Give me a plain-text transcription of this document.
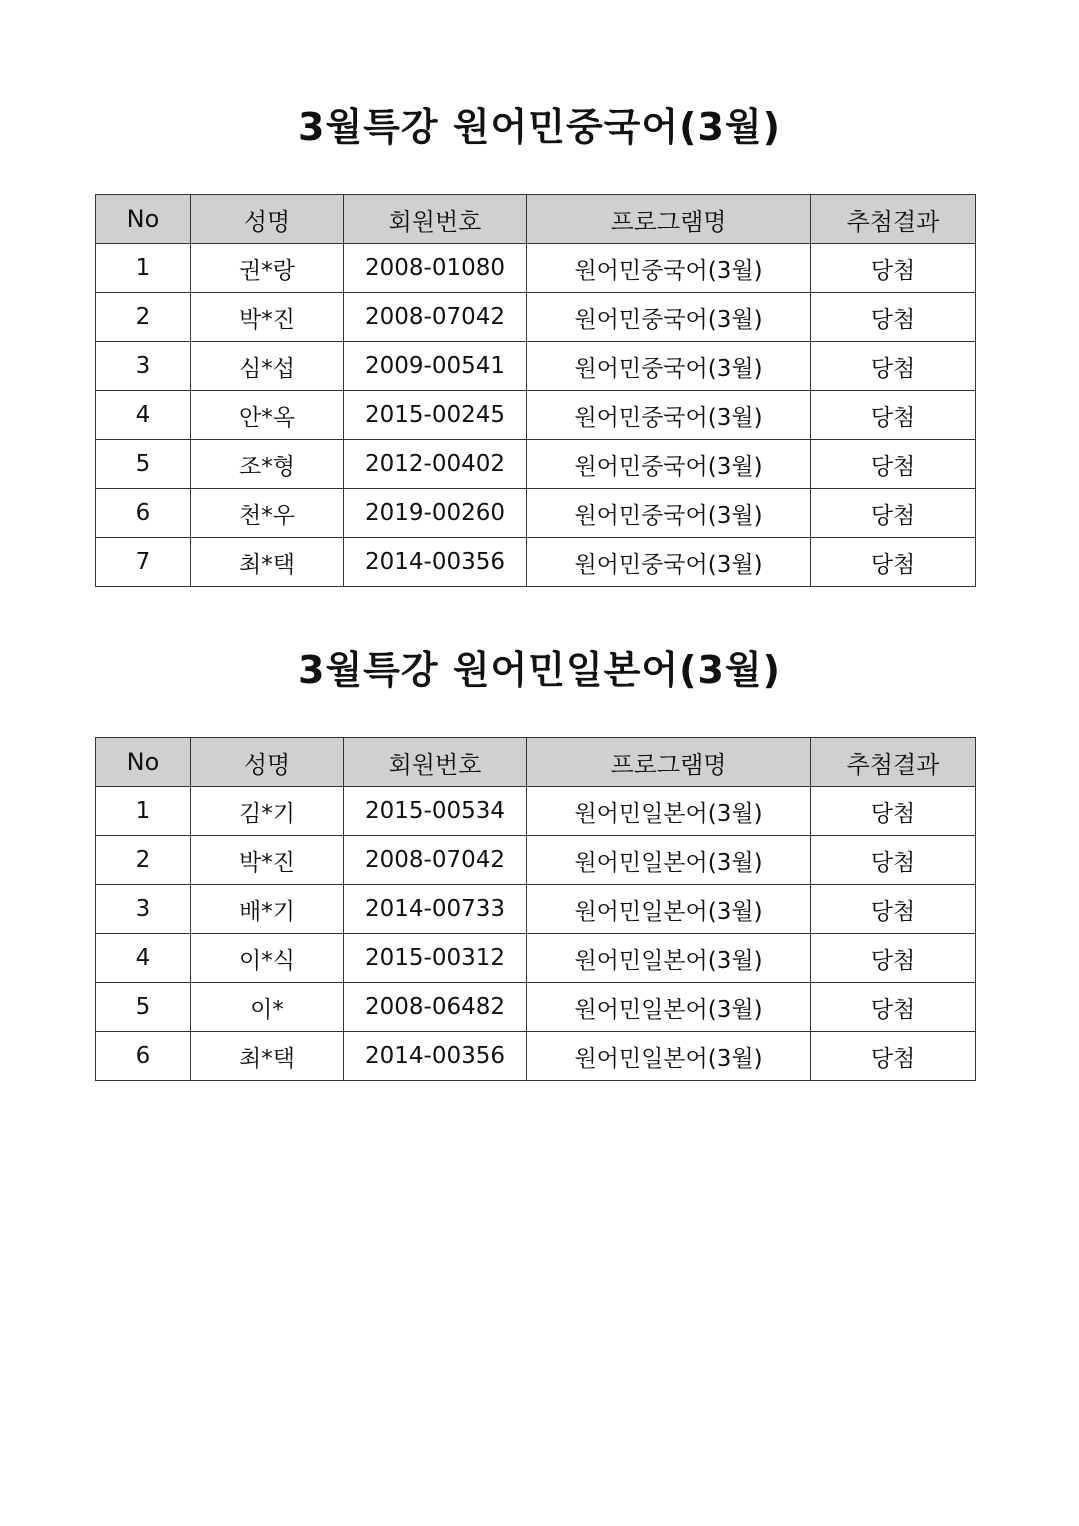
3월특강 원어민중국어(3월)
No	성명	회원번호	프로그램명	추첨결과
1	권*랑	2008-01080	원어민중국어(3월)	당첨
2	박*진	2008-07042	원어민중국어(3월)	당첨
3	심*섭	2009-00541	원어민중국어(3월)	당첨
4	안*옥	2015-00245	원어민중국어(3월)	당첨
5	조*형	2012-00402	원어민중국어(3월)	당첨
6	천*우	2019-00260	원어민중국어(3월)	당첨
7	최*택	2014-00356	원어민중국어(3월)	당첨
3월특강 원어민일본어(3월)
No	성명	회원번호	프로그램명	추첨결과
1	김*기	2015-00534	원어민일본어(3월)	당첨
2	박*진	2008-07042	원어민일본어(3월)	당첨
3	배*기	2014-00733	원어민일본어(3월)	당첨
4	이*식	2015-00312	원어민일본어(3월)	당첨
5	이*	2008-06482	원어민일본어(3월)	당첨
6	최*택	2014-00356	원어민일본어(3월)	당첨
